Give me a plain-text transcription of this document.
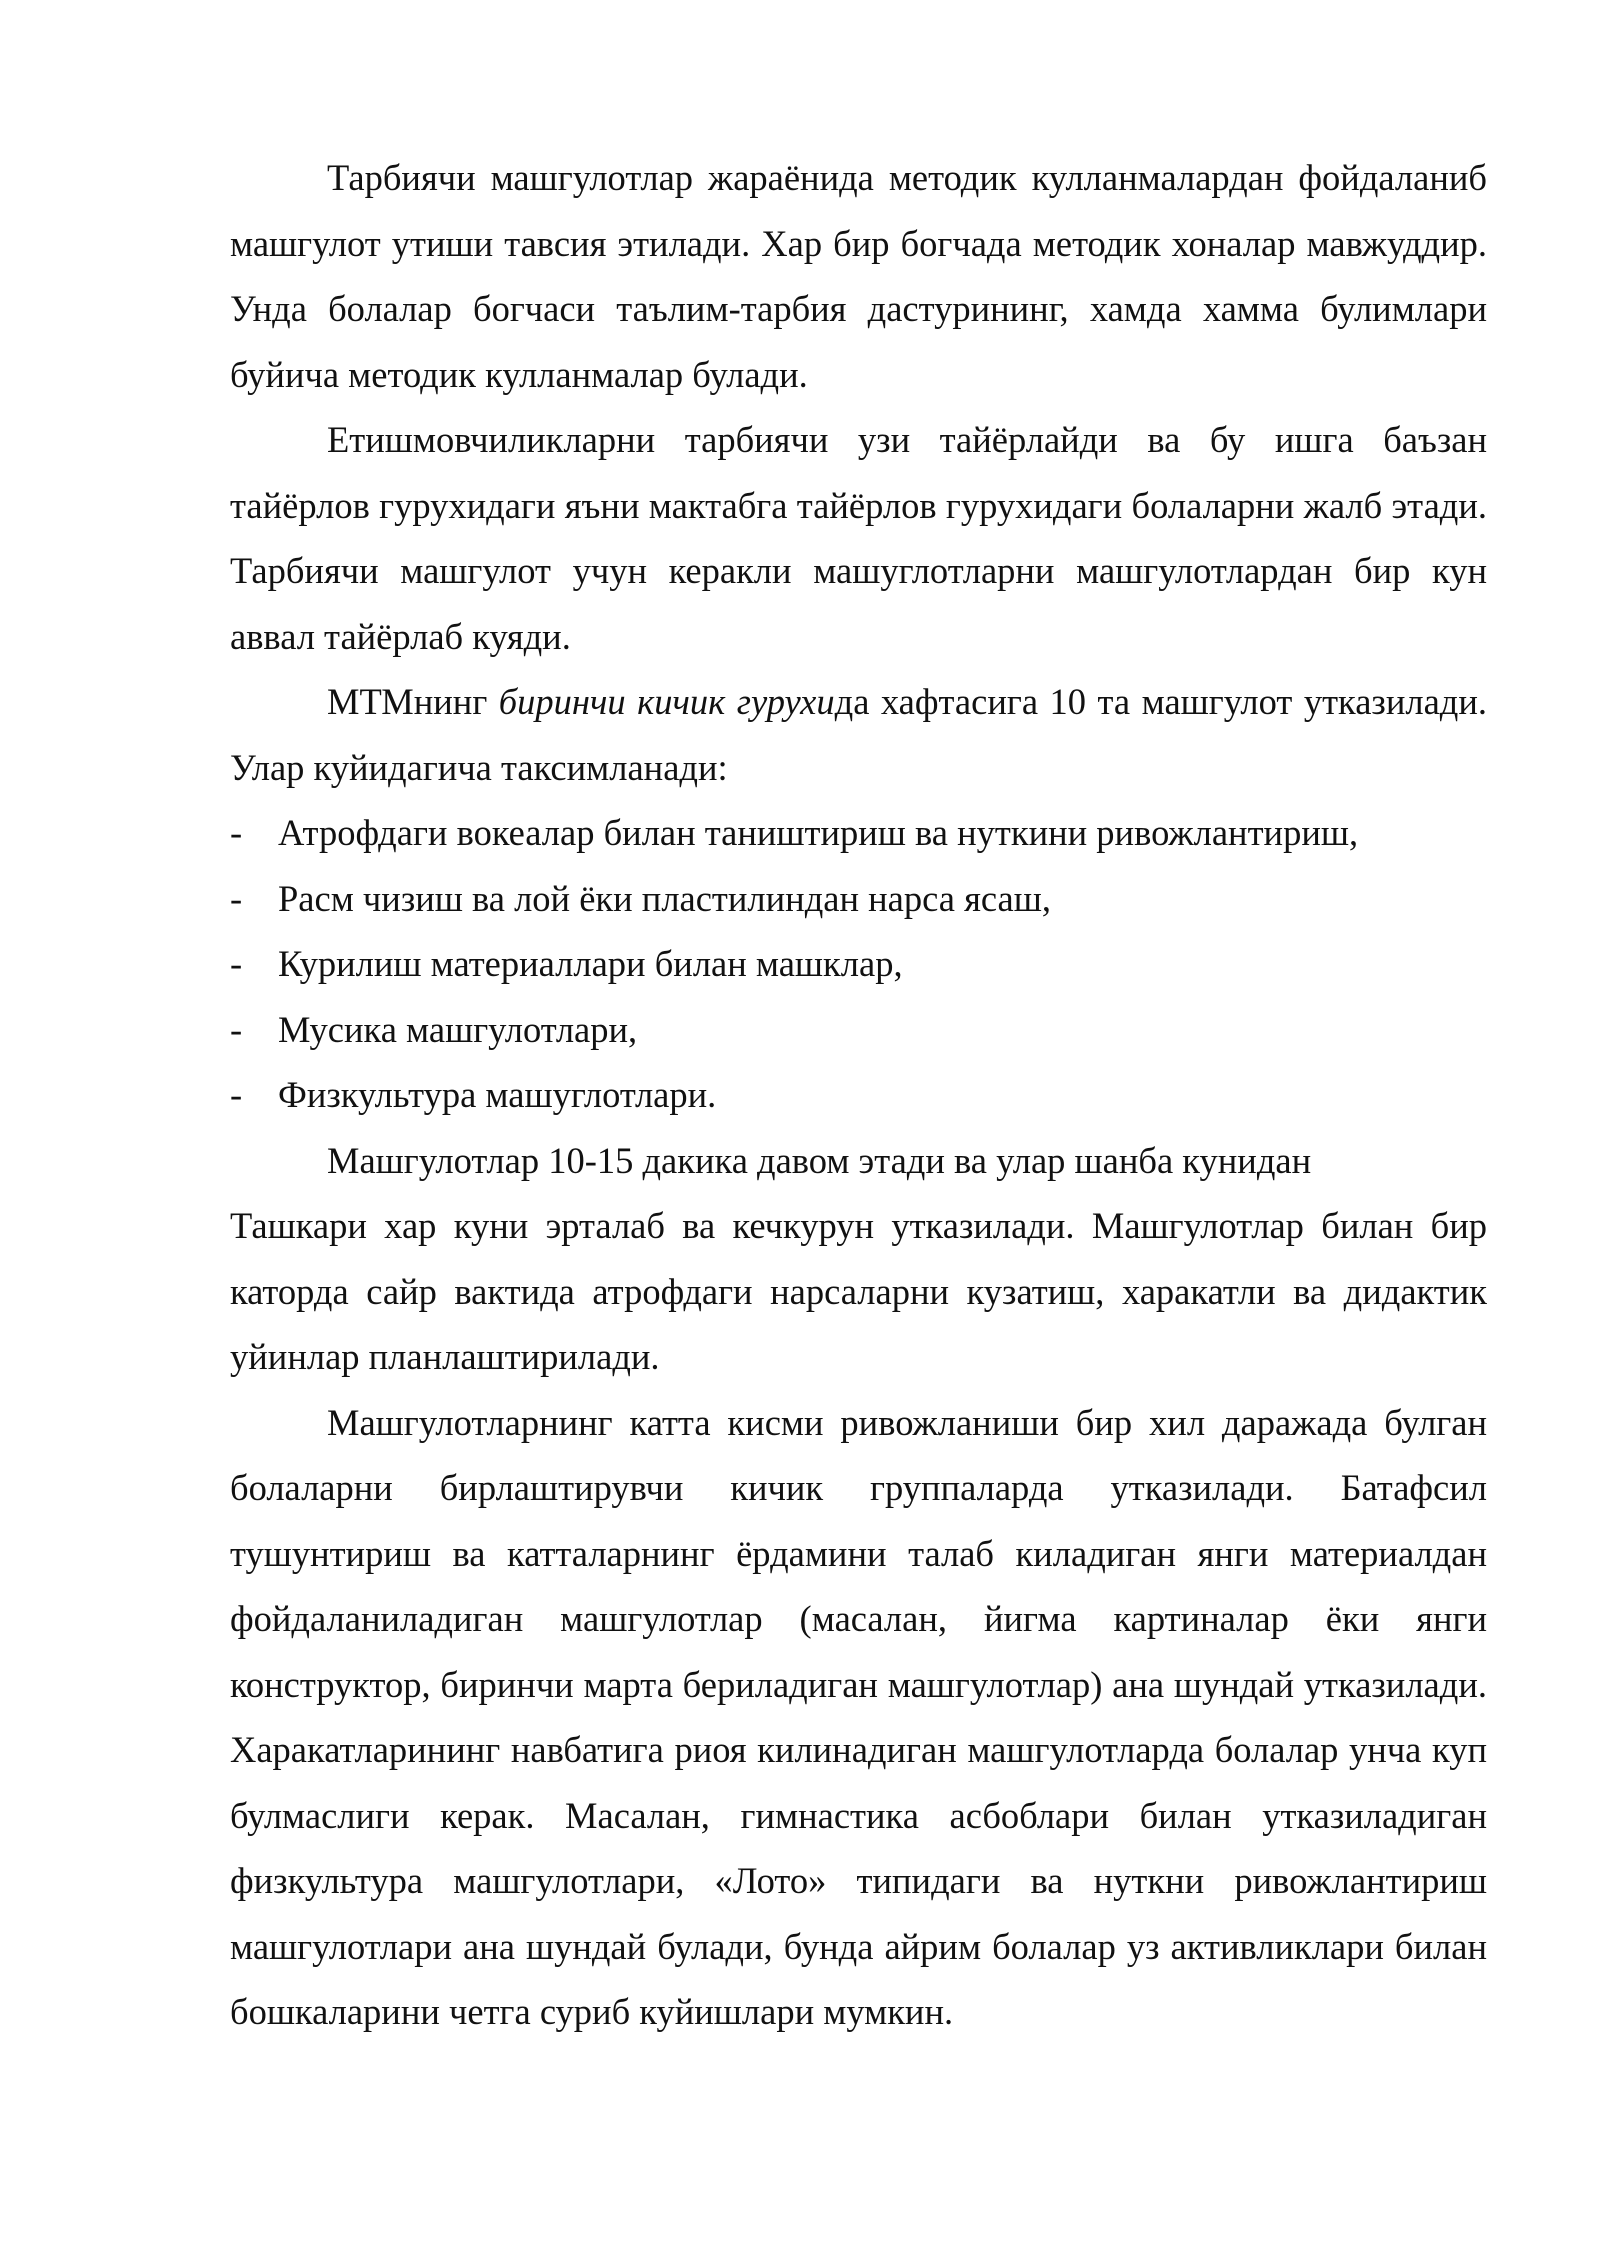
Тарбиячи машгулотлар жараёнида методик кулланмалардан фойдаланиб машгулот утиши тавсия этилади. Хар бир богчада методик хоналар мавжуддир. Унда болалар богчаси таълим-тарбия дастурининг, хамда хамма булимлари буйича методик кулланмалар булади.

Етишмовчиликларни тарбиячи узи тайёрлайди ва бу ишга баъзан тайёрлов гурухидаги яъни мактабга тайёрлов гурухидаги болаларни жалб этади. Тарбиячи машгулот учун керакли машуглотларни машгулотлардан бир кун аввал тайёрлаб куяди.

МТМнинг биринчи кичик гурухида хафтасига 10 та машгулот утказилади. Улар куйидагича таксимланади:

- Атрофдаги вокеалар билан таништириш ва нуткини ривожлантириш,
- Расм чизиш ва лой ёки пластилиндан нарса ясаш,
- Курилиш материаллари билан машклар,
- Мусика машгулотлари,
- Физкультура машуглотлари.

Машгулотлар 10-15 дакика давом этади ва улар шанба кунидан
Ташкари хар куни эрталаб ва кечкурун утказилади. Машгулотлар билан бир каторда сайр вактида атрофдаги нарсаларни кузатиш, харакатли ва дидактик уйинлар планлаштирилади.

Машгулотларнинг катта кисми ривожланиши бир хил даражада булган болаларни бирлаштирувчи кичик группаларда утказилади. Батафсил тушунтириш ва катталарнинг ёрдамини талаб киладиган янги материалдан фойдаланиладиган машгулотлар (масалан, йигма картиналар ёки янги конструктор, биринчи марта бериладиган машгулотлар) ана шундай утказилади. Харакатларининг навбатига риоя килинадиган машгулотларда болалар унча куп булмаслиги керак. Масалан, гимнастика асбоблари билан утказиладиган физкультура машгулотлари, «Лото» типидаги ва нуткни ривожлантириш машгулотлари ана шундай булади, бунда айрим болалар уз активликлари билан бошкаларини четга суриб куйишлари мумкин.
